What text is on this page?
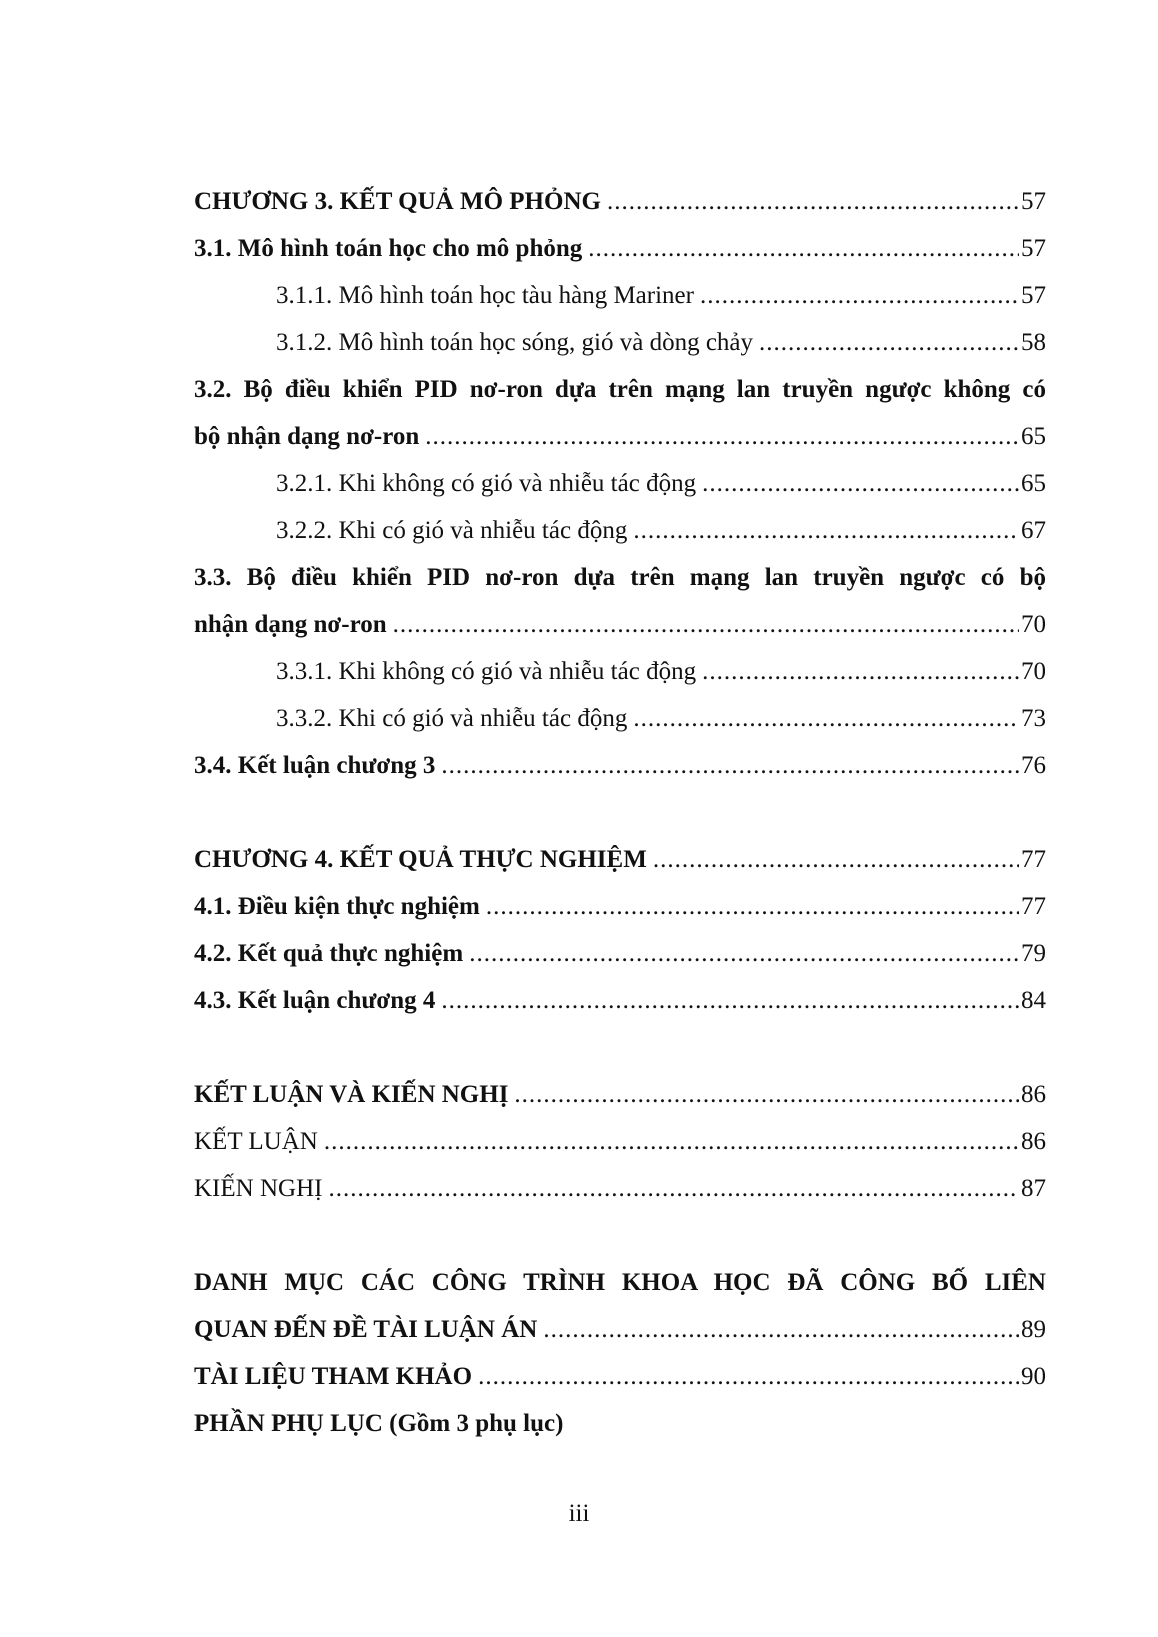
CHƯƠNG 3. KẾT QUẢ MÔ PHỎNG .....	57
3.1. Mô hình toán học cho mô phỏng .....	57
3.1.1. Mô hình toán học tàu hàng Mariner .....	57
3.1.2. Mô hình toán học sóng, gió và dòng chảy .....	58
3.2. Bộ điều khiển PID nơ-ron dựa trên mạng lan truyền ngược không có
bộ nhận dạng nơ-ron .....	65
3.2.1. Khi không có gió và nhiễu tác động .....	65
3.2.2. Khi có gió và nhiễu tác động .....	67
3.3. Bộ điều khiển PID nơ-ron dựa trên mạng lan truyền ngược có bộ
nhận dạng nơ-ron .....	70
3.3.1. Khi không có gió và nhiễu tác động .....	70
3.3.2. Khi có gió và nhiễu tác động .....	73
3.4. Kết luận chương 3 .....	76
CHƯƠNG 4. KẾT QUẢ THỰC NGHIỆM .....	77
4.1. Điều kiện thực nghiệm .....	77
4.2. Kết quả thực nghiệm .....	79
4.3. Kết luận chương 4 .....	84
KẾT LUẬN VÀ KIẾN NGHỊ .....	86
KẾT LUẬN .....	86
KIẾN NGHỊ .....	87
DANH MỤC CÁC CÔNG TRÌNH KHOA HỌC ĐÃ CÔNG BỐ LIÊN
QUAN ĐẾN ĐỀ TÀI LUẬN ÁN .....	89
TÀI LIỆU THAM KHẢO .....	90
PHẦN PHỤ LỤC (Gồm 3 phụ lục)
iii
